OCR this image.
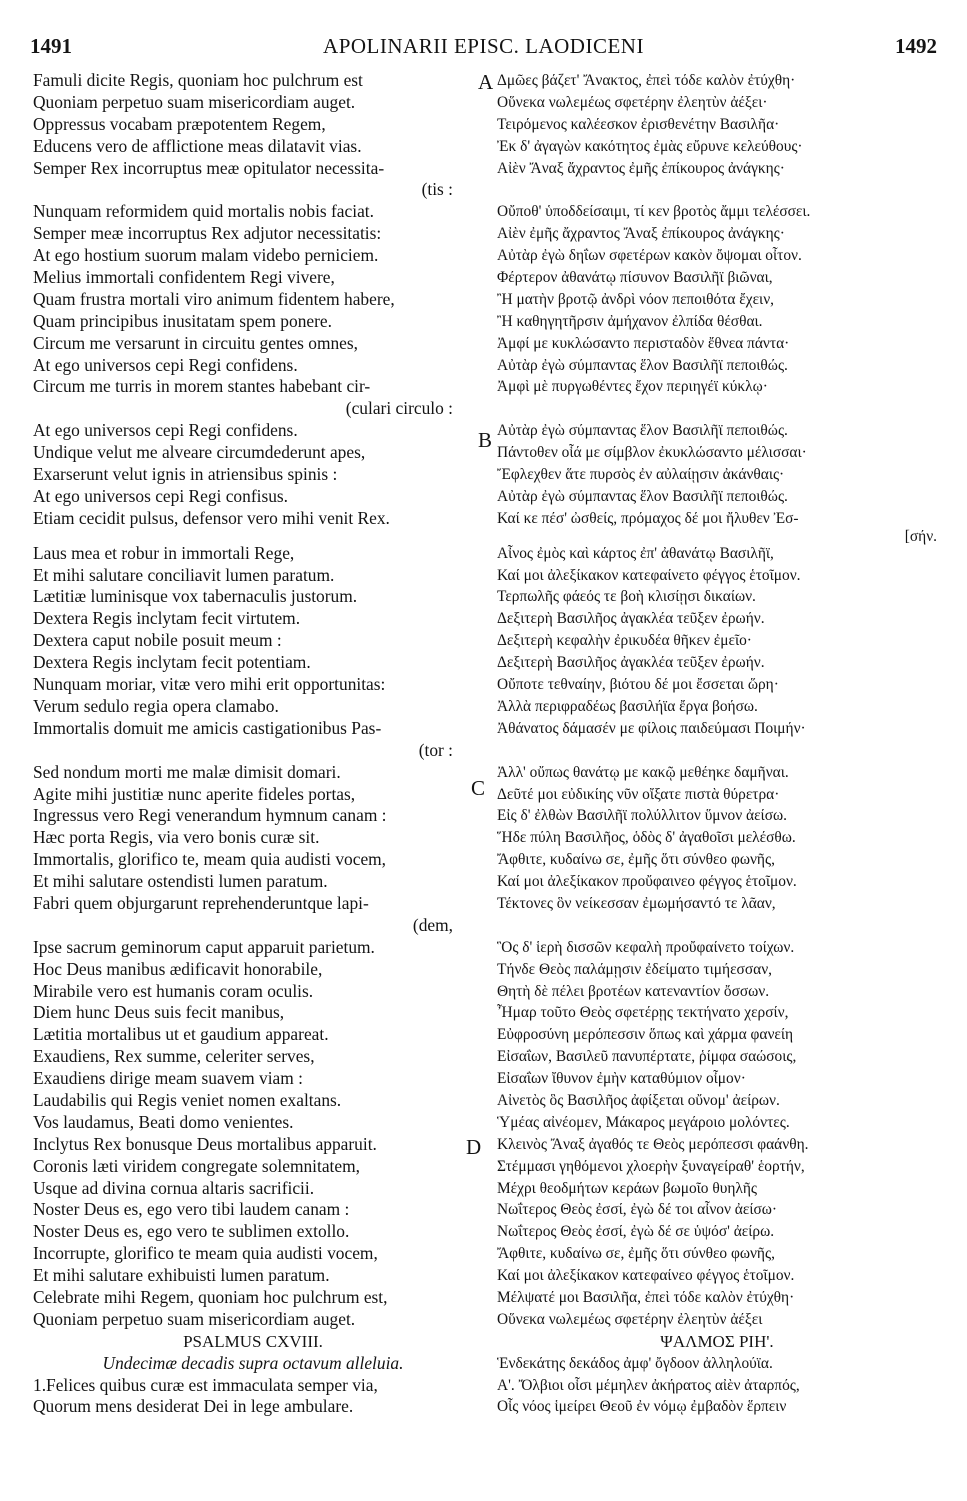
1491	APOLINARII EPISC. LAODICENI	1492
Famuli dicite Regis, quoniam hoc pulchrum est
Quoniam perpetuo suam misericordiam auget.
Oppressus vocabam præpotentem Regem,
Educens vero de afflictione meas dilatavit vias.
Semper Rex incorruptus meæ opitulator necessita-
(tis :
Nunquam reformidem quid mortalis nobis faciat.
Semper meæ incorruptus Rex adjutor necessitatis:
At ego hostium suorum malam videbo perniciem.
Melius immortali confidentem Regi vivere,
Quam frustra mortali viro animum fidentem habere,
Quam principibus inusitatam spem ponere.
Circum me versarunt in circuitu gentes omnes,
At ego universos cepi Regi confidens.
Circum me turris in morem stantes habebant cir-
(culari circulo :
At ego universos cepi Regi confidens.
Undique velut me alveare circumdederunt apes,
Exarserunt velut ignis in atriensibus spinis :
At ego universos cepi Regi confisus.
Etiam cecidit pulsus, defensor vero mihi venit Rex.
Laus mea et robur in immortali Rege,
Et mihi salutare conciliavit lumen paratum.
Lætitiæ luminisque vox tabernaculis justorum.
Dextera Regis inclytam fecit virtutem.
Dextera caput nobile posuit meum :
Dextera Regis inclytam fecit potentiam.
Nunquam moriar, vitæ vero mihi erit opportunitas:
Verum sedulo regia opera clamabo.
Immortalis domuit me amicis castigationibus Pas-
(tor :
Sed nondum morti me malæ dimisit domari.
Agite mihi justitiæ nunc aperite fideles portas,
Ingressus vero Regi venerandum hymnum canam :
Hæc porta Regis, via vero bonis curæ sit.
Immortalis, glorifico te, meam quia audisti vocem,
Et mihi salutare ostendisti lumen paratum.
Fabri quem objurgarunt reprehenderuntque lapi-
(dem,
Ipse sacrum geminorum caput apparuit parietum.
Hoc Deus manibus ædificavit honorabile,
Mirabile vero est humanis coram oculis.
Diem hunc Deus suis fecit manibus,
Lætitia mortalibus ut et gaudium appareat.
Exaudiens, Rex summe, celeriter serves,
Exaudiens dirige meam suavem viam :
Laudabilis qui Regis veniet nomen exaltans.
Vos laudamus, Beati domo venientes.
Inclytus Rex bonusque Deus mortalibus apparuit.
Coronis læti viridem congregate solemnitatem,
Usque ad divina cornua altaris sacrificii.
Noster Deus es, ego vero tibi laudem canam :
Noster Deus es, ego vero te sublimen extollo.
Incorrupte, glorifico te meam quia audisti vocem,
Et mihi salutare exhibuisti lumen paratum.
Celebrate mihi Regem, quoniam hoc pulchrum est,
Quoniam perpetuo suam misericordiam auget.
PSALMUS CXVIII.
Undecimæ decadis supra octavum alleluia.
1.Felices quibus curæ est immaculata semper via,
Quorum mens desiderat Dei in lege ambulare.
Δμῶες βάζετ' Ἄνακτος, ἐπεὶ τόδε καλὸν ἐτύχθη·
Οὕνεκα νωλεμέως σφετέρην ἐλεητὺν ἀέξει·
Τειρόμενος καλέεσκον ἐρισθενέτην Βασιλῆα·
Ἐκ δ' ἀγαγὼν κακότητος ἐμὰς εὔρυνε κελεύθους·
Αἰὲν Ἄναξ ἄχραντος ἐμῆς ἐπίκουρος ἀνάγκης·
Οὔποθ' ὑποδδείσαιμι, τί κεν βροτὸς ἄμμι τελέσσει.
Αἰὲν ἐμῆς ἄχραντος Ἄναξ ἐπίκουρος ἀνάγκης·
Αὐτὰρ ἐγὼ δηΐων σφετέρων κακὸν ὄψομαι οἶτον.
Φέρτερον ἀθανάτῳ πίσυνον Βασιλῆϊ βιῶναι,
Ἢ ματὴν βροτῷ ἀνδρὶ νόον πεποιθότα ἔχειν,
Ἢ καθηγητῆρσιν ἀμήχανον ἐλπίδα θέσθαι.
Ἀμφί με κυκλώσαντο περισταδὸν ἔθνεα πάντα·
Αὐτὰρ ἐγὼ σύμπαντας ἕλον Βασιλῆϊ πεποιθώς.
Ἀμφὶ μὲ πυργωθέντες ἔχον περιηγέϊ κύκλῳ·
Αὐτὰρ ἐγὼ σύμπαντας ἕλον Βασιλῆϊ πεποιθώς.
Πάντοθεν οἷά με σίμβλον ἐκυκλώσαντο μέλισσαι·
Ἔφλεχθεν ἅτε πυρσὸς ἐν αὐλαίῃσιν ἀκάνθαις·
Αὐτὰρ ἐγὼ σύμπαντας ἕλον Βασιλῆϊ πεποιθώς.
Καί κε πέσ' ὠσθείς, πρόμαχος δέ μοι ἤλυθεν Ἐσ-
[σήν.
Αἶνος ἐμὸς καὶ κάρτος ἐπ' ἀθανάτῳ Βασιλῆϊ,
Καί μοι ἀλεξίκακον κατεφαίνετο φέγγος ἑτοῖμον.
Τερπωλῆς φάεός τε βοὴ κλισίῃσι δικαίων.
Δεξιτερὴ Βασιλῆος ἀγακλέα τεῦξεν ἐρωήν.
Δεξιτερὴ κεφαλὴν ἐρικυδέα θῆκεν ἐμεῖο·
Δεξιτερὴ Βασιλῆος ἀγακλέα τεῦξεν ἐρωήν.
Οὔποτε τεθναίην, βιότου δέ μοι ἔσσεται ὥρη·
Ἀλλὰ περιφραδέως βασιλήϊα ἔργα βοήσω.
Ἀθάνατος δάμασέν με φίλοις παιδεύμασι Ποιμήν·
Ἀλλ' οὔπως θανάτῳ με κακῷ μεθέηκε δαμῆναι.
Δεῦτέ μοι εὐδικίης νῦν οἴξατε πιστὰ θύρετρα·
Εἰς δ' ἐλθὼν Βασιλῆϊ πολύλλιτον ὕμνον ἀείσω.
Ἥδε πύλη Βασιλῆος, ὁδὸς δ' ἀγαθοῖσι μελέσθω.
Ἄφθιτε, κυδαίνω σε, ἐμῆς ὅτι σύνθεο φωνῆς,
Καί μοι ἀλεξίκακον προὔφαινεο φέγγος ἑτοῖμον.
Τέκτονες ὃν νείκεσσαν ἐμωμήσαντό τε λᾶαν,
Ὃς δ' ἱερὴ δισσῶν κεφαλὴ προὔφαίνετο τοίχων.
Τήνδε Θεὸς παλάμῃσιν ἐδείματο τιμήεσσαν,
Θητὴ δὲ πέλει βροτέων κατεναντίον ὄσσων.
Ἦμαρ τοῦτο Θεὸς σφετέρῃς τεκτήνατο χερσίν,
Εὐφροσύνη μερόπεσσιν ὅπως καὶ χάρμα φανείη
Εἰσαΐων, Βασιλεῦ πανυπέρτατε, ῥίμφα σαώσοις,
Εἰσαΐων ἴθυνον ἐμὴν καταθύμιον οἶμον·
Αἰνετὸς ὃς Βασιλῆος ἀφίξεται οὔνομ' ἀείρων.
Ὑμέας αἰνέομεν, Μάκαρος μεγάροιο μολόντες.
Κλεινὸς Ἄναξ ἀγαθός τε Θεὸς μερόπεσσι φαάνθη.
Στέμμασι γηθόμενοι χλοερὴν ξυναγείραθ' ἑορτήν,
Μέχρι θεοδμήτων κεράων βωμοῖο θυηλῆς
Νωΐτερος Θεὸς ἐσσί, ἐγὼ δέ τοι αἶνον ἀείσω·
Νωΐτερος Θεὸς ἐσσί, ἐγὼ δέ σε ὑψόσ' ἀείρω.
Ἄφθιτε, κυδαίνω σε, ἐμῆς ὅτι σύνθεο φωνῆς,
Καί μοι ἀλεξίκακον κατεφαίνεο φέγγος ἑτοῖμον.
Μέλψατέ μοι Βασιλῆα, ἐπεὶ τόδε καλὸν ἐτύχθη·
Οὕνεκα νωλεμέως σφετέρην ἐλεητὺν ἀέξει
ΨΑΛΜΟΣ ΡΙΗ'.
Ἑνδεκάτης δεκάδος ἀμφ' ὄγδοον ἀλληλούϊα.
Α'. Ὄλβιοι οἷσι μέμηλεν ἀκήρατος αἰὲν ἀταρπός,
Οἷς νόος ἱμείρει Θεοῦ ἐν νόμῳ ἐμβαδὸν ἕρπειν
A
B
C
D
